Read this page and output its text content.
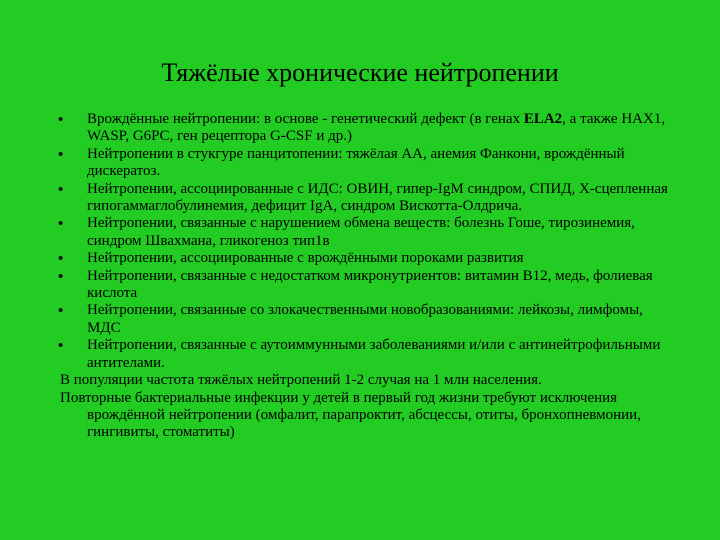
Тяжёлые хронические нейтропении
• Врождённые нейтропении: в основе - генетический дефект (в генах ELA2, а также HAX1, WASP, G6PC, ген рецептора G-CSF и др.)
• Нейтропении в стукгуре панцитопении: тяжёлая АА, анемия Фанкони, врождённый дискератоз.
• Нейтропении, ассоциированные с ИДС: ОВИН, гипер-IgM синдром, СПИД, Х-сцепленная гипогаммаглобулинемия, дефицит IgA, синдром Вискотта-Олдрича.
• Нейтропении, связанные с нарушением обмена веществ: болезнь Гоше, тирозинемия, синдром Швахмана, гликогеноз тип1в
• Нейтропении, ассоциированные с врождёнными пороками развития
• Нейтропении, связанные с недостатком микронутриентов: витамин В12, медь, фолиевая кислота
• Нейтропении, связанные со злокачественными новобразованиями: лейкозы, лимфомы, МДС
• Нейтропении, связанные с аутоиммунными заболеваниями и/или с антинейтрофильными антителами.

В популяции частота тяжёлых нейтропений 1-2 случая на 1 млн населения.
Повторные бактериальные инфекции у детей в первый год жизни требуют исключения врождённой нейтропении (омфалит, парапроктит, абсцессы, отиты, бронхопневмонии, гингивиты, стоматиты)
